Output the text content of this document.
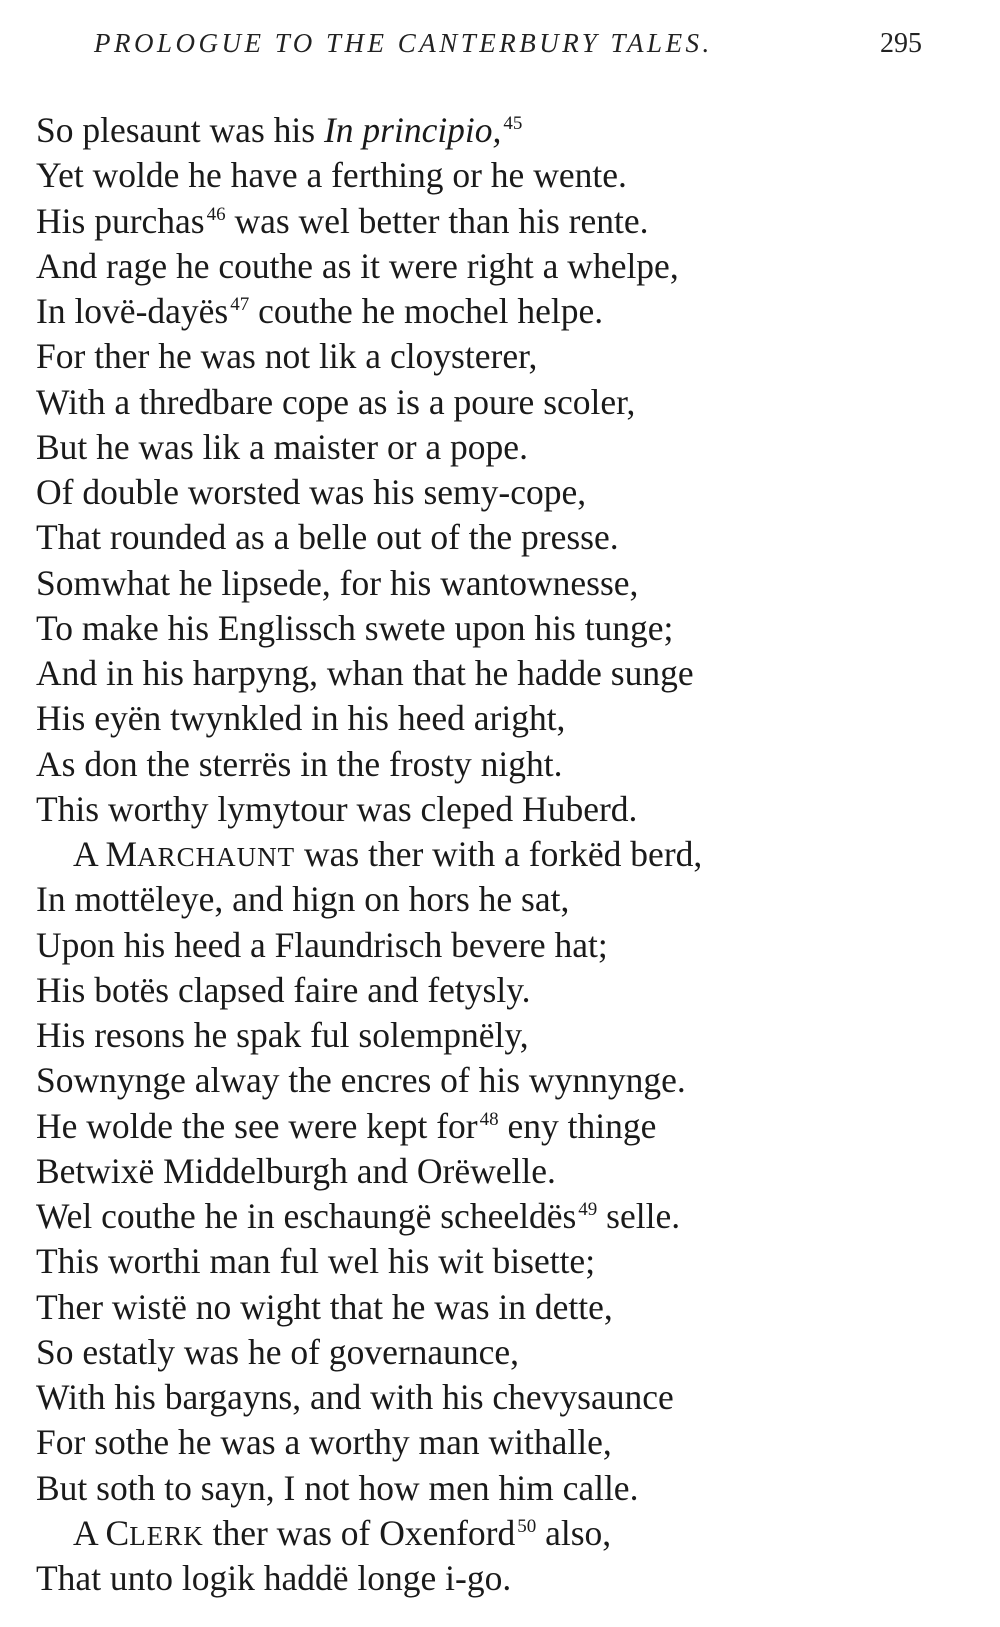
PROLOGUE TO THE CANTERBURY TALES.	295
So plesaunt was his In principio, $^{45}$
Yet wolde he have a ferthing or he wente.
His purchas $^{46}$ was wel better than his rente.
And rage he couthe as it were right a whelpe,
In lovë-dayës $^{47}$ couthe he mochel helpe.
For ther he was not lik a cloysterer,
With a thredbare cope as is a poure scoler,
But he was lik a maister or a pope.
Of double worsted was his semy-cope,
That rounded as a belle out of the presse.
Somwhat he lipsede, for his wantownesse,
To make his Englissch swete upon his tunge;
And in his harpyng, whan that he hadde sunge
His eyën twynkled in his heed aright,
As don the sterrës in the frosty night.
This worthy lymytour was cleped Huberd.
A MARCHAUNT was ther with a forkëd berd,
In mottëleye, and hign on hors he sat,
Upon his heed a Flaundrisch bevere hat;
His botës clapsed faire and fetysly.
His resons he spak ful solempnëly,
Sownynge alway the encres of his wynnynge.
He wolde the see were kept for $^{48}$ eny thinge
Betwixë Middelburgh and Orëwelle.
Wel couthe he in eschaungë scheeldës $^{49}$ selle.
This worthi man ful wel his wit bisette;
Ther wistë no wight that he was in dette,
So estatly was he of governaunce,
With his bargayns, and with his chevysaunce
For sothe he was a worthy man withalle,
But soth to sayn, I not how men him calle.
A CLERK ther was of Oxenford $^{50}$ also,
That unto logik haddë longe i-go.
